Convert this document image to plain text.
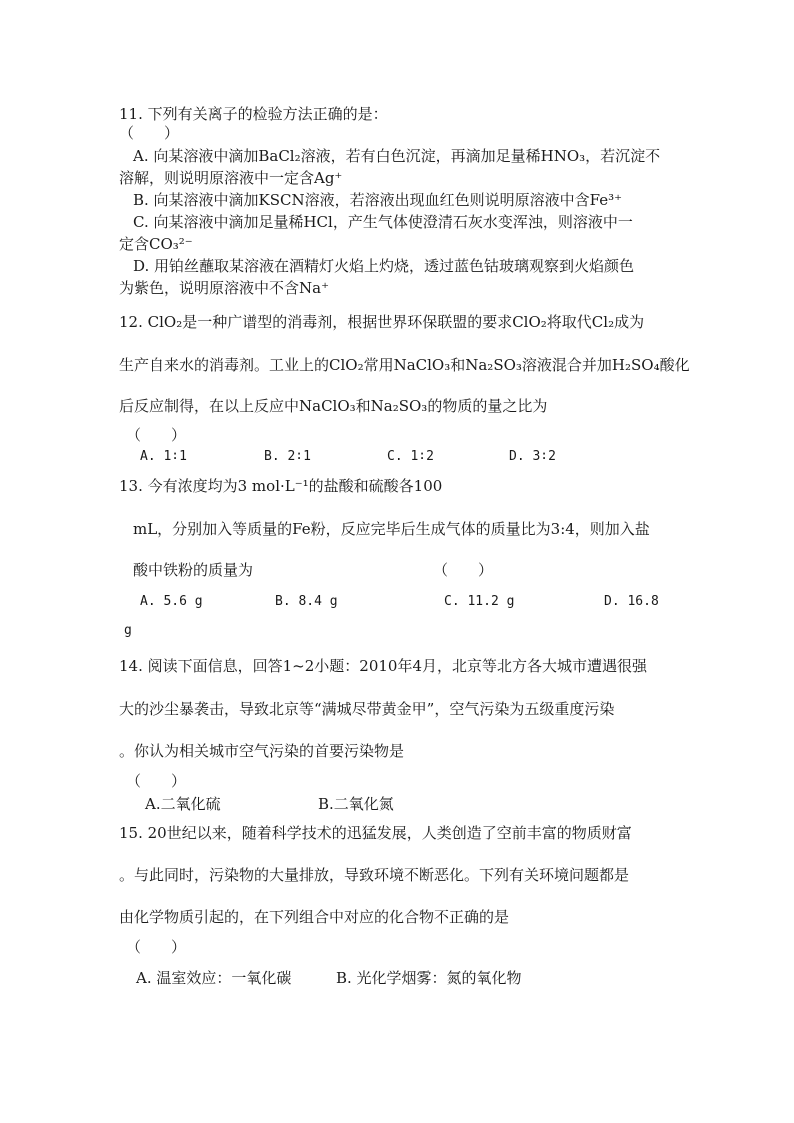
11. 下列有关离子的检验方法正确的是：
（　　）
A. 向某溶液中滴加BaCl₂溶液，若有白色沉淀，再滴加足量稀HNO₃，若沉淀不
溶解，则说明原溶液中一定含Ag⁺
B. 向某溶液中滴加KSCN溶液，若溶液出现血红色则说明原溶液中含Fe³⁺
C. 向某溶液中滴加足量稀HCl，产生气体使澄清石灰水变浑浊，则溶液中一
定含CO₃²⁻
D. 用铂丝蘸取某溶液在酒精灯火焰上灼烧，透过蓝色钴玻璃观察到火焰颜色
为紫色，说明原溶液中不含Na⁺
12. ClO₂是一种广谱型的消毒剂，根据世界环保联盟的要求ClO₂将取代Cl₂成为
生产自来水的消毒剂。工业上的ClO₂常用NaClO₃和Na₂SO₃溶液混合并加H₂SO₄酸化
后反应制得，在以上反应中NaClO₃和Na₂SO₃的物质的量之比为
（　　）
A. 1∶1	B. 2∶1	C. 1∶2	D. 3∶2
13. 今有浓度均为3 mol·L⁻¹的盐酸和硫酸各100
mL，分别加入等质量的Fe粉，反应完毕后生成气体的质量比为3:4，则加入盐
酸中铁粉的质量为	（　　）
A. 5.6 g	B. 8.4 g	C. 11.2 g	D. 16.8
g
14. 阅读下面信息，回答1~2小题：2010年4月，北京等北方各大城市遭遇很强
大的沙尘暴袭击，导致北京等“满城尽带黄金甲”，空气污染为五级重度污染
。你认为相关城市空气污染的首要污染物是
（　　）
A.二氧化硫	B.二氧化氮
15. 20世纪以来，随着科学技术的迅猛发展，人类创造了空前丰富的物质财富
。与此同时，污染物的大量排放，导致环境不断恶化。下列有关环境问题都是
由化学物质引起的，在下列组合中对应的化合物不正确的是
（　　）
A. 温室效应：一氧化碳	B. 光化学烟雾：氮的氧化物
